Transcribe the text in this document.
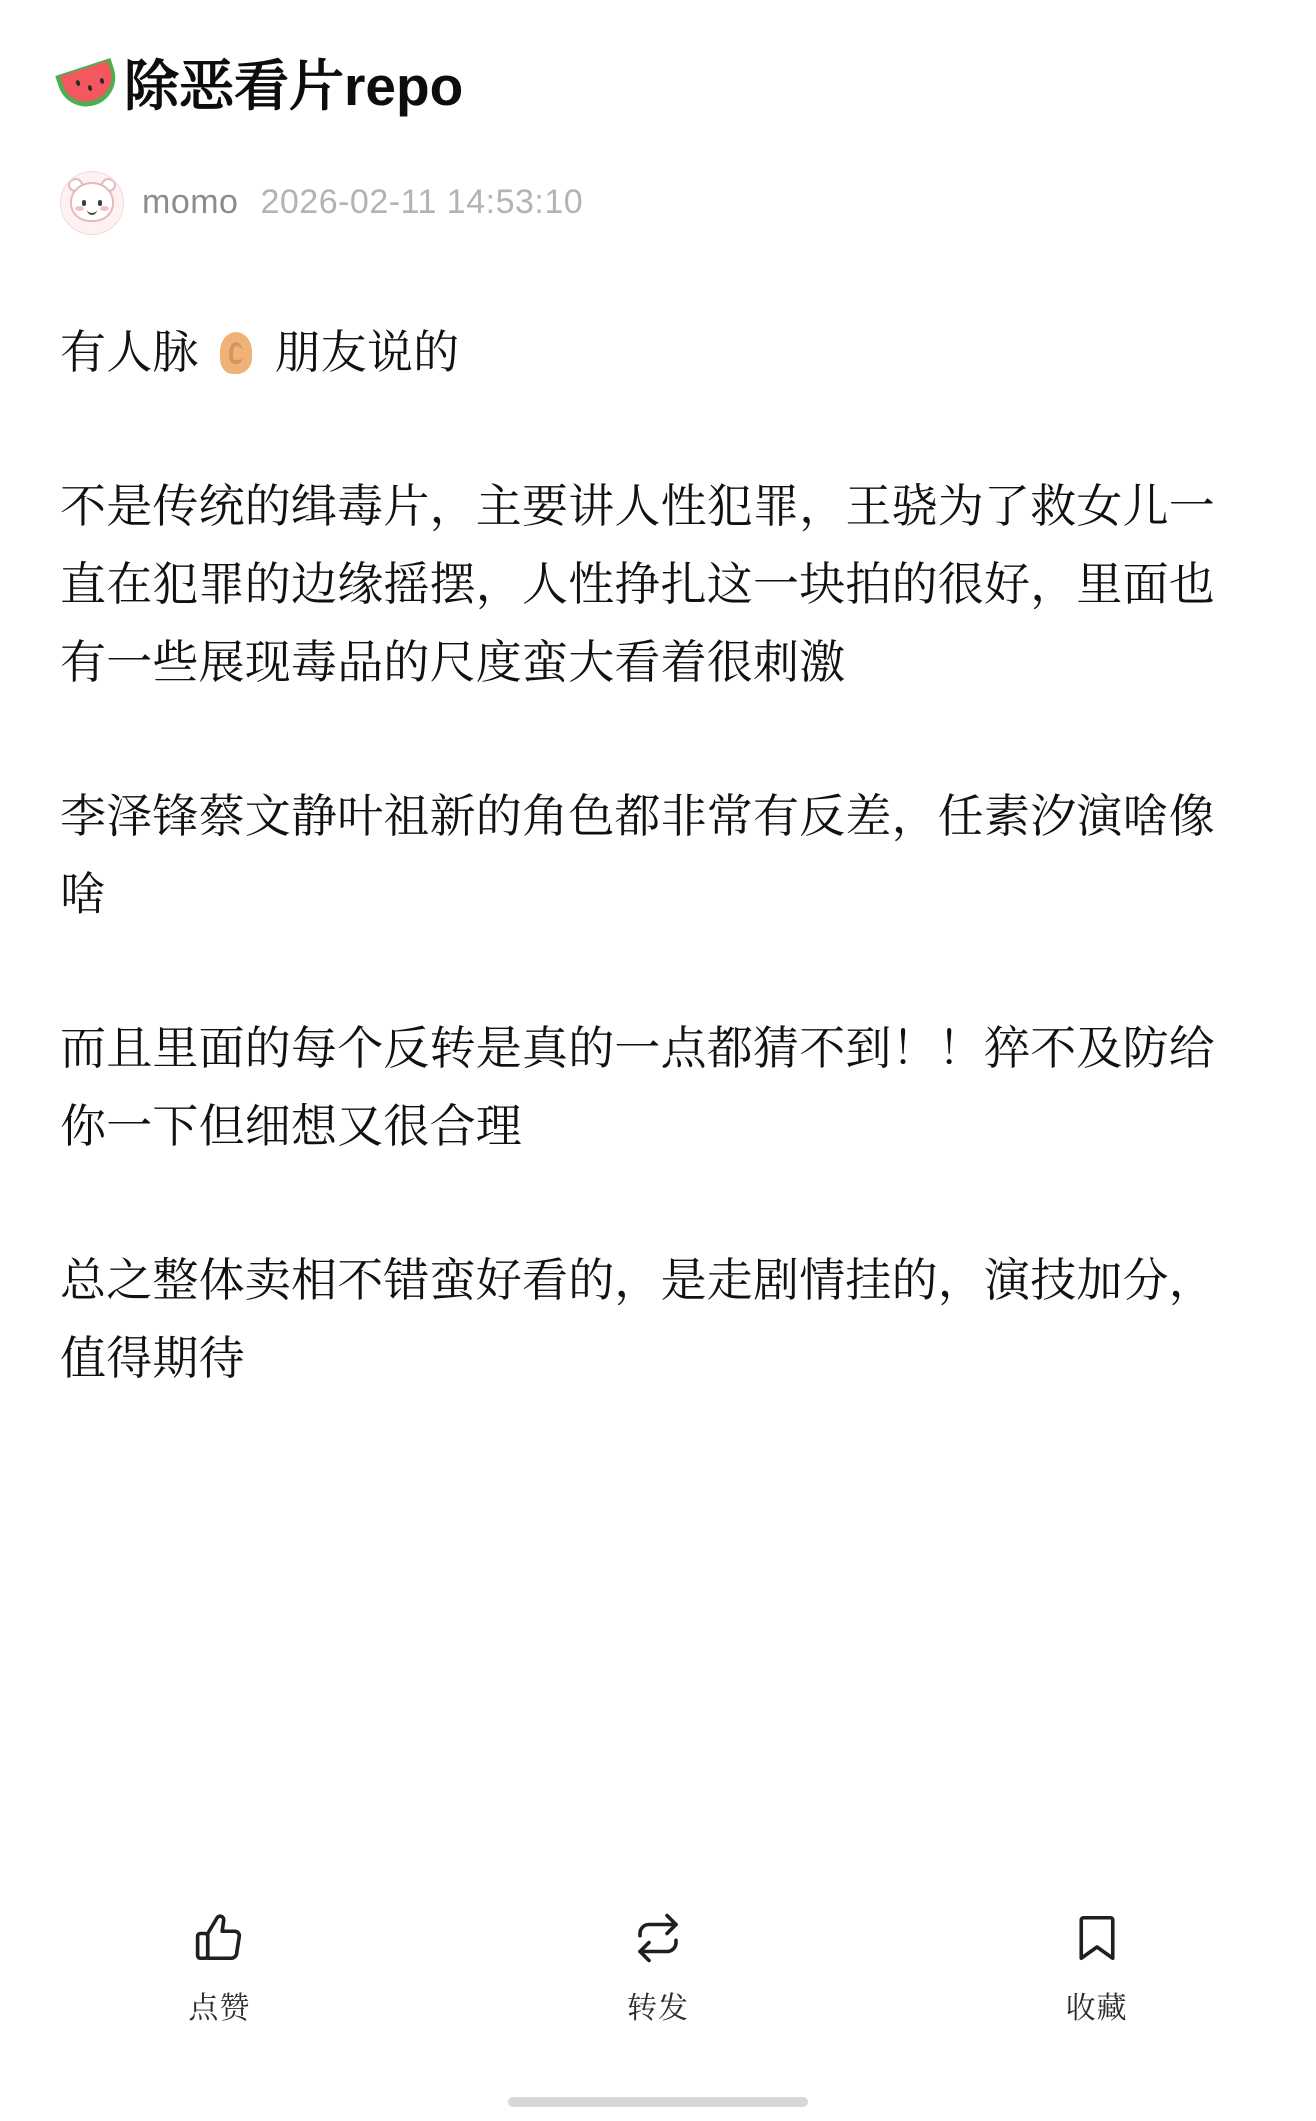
除恶看片repo
momo 2026-02-11 14:53:10

有人脉 朋友说的

不是传统的缉毒片，主要讲人性犯罪，王骁为了救女儿一直在犯罪的边缘摇摆，人性挣扎这一块拍的很好，里面也有一些展现毒品的尺度蛮大看着很刺激

李泽锋蔡文静叶祖新的角色都非常有反差，任素汐演啥像啥

而且里面的每个反转是真的一点都猜不到！！猝不及防给你一下但细想又很合理

总之整体卖相不错蛮好看的，是走剧情挂的，演技加分，值得期待

点赞	转发	收藏
